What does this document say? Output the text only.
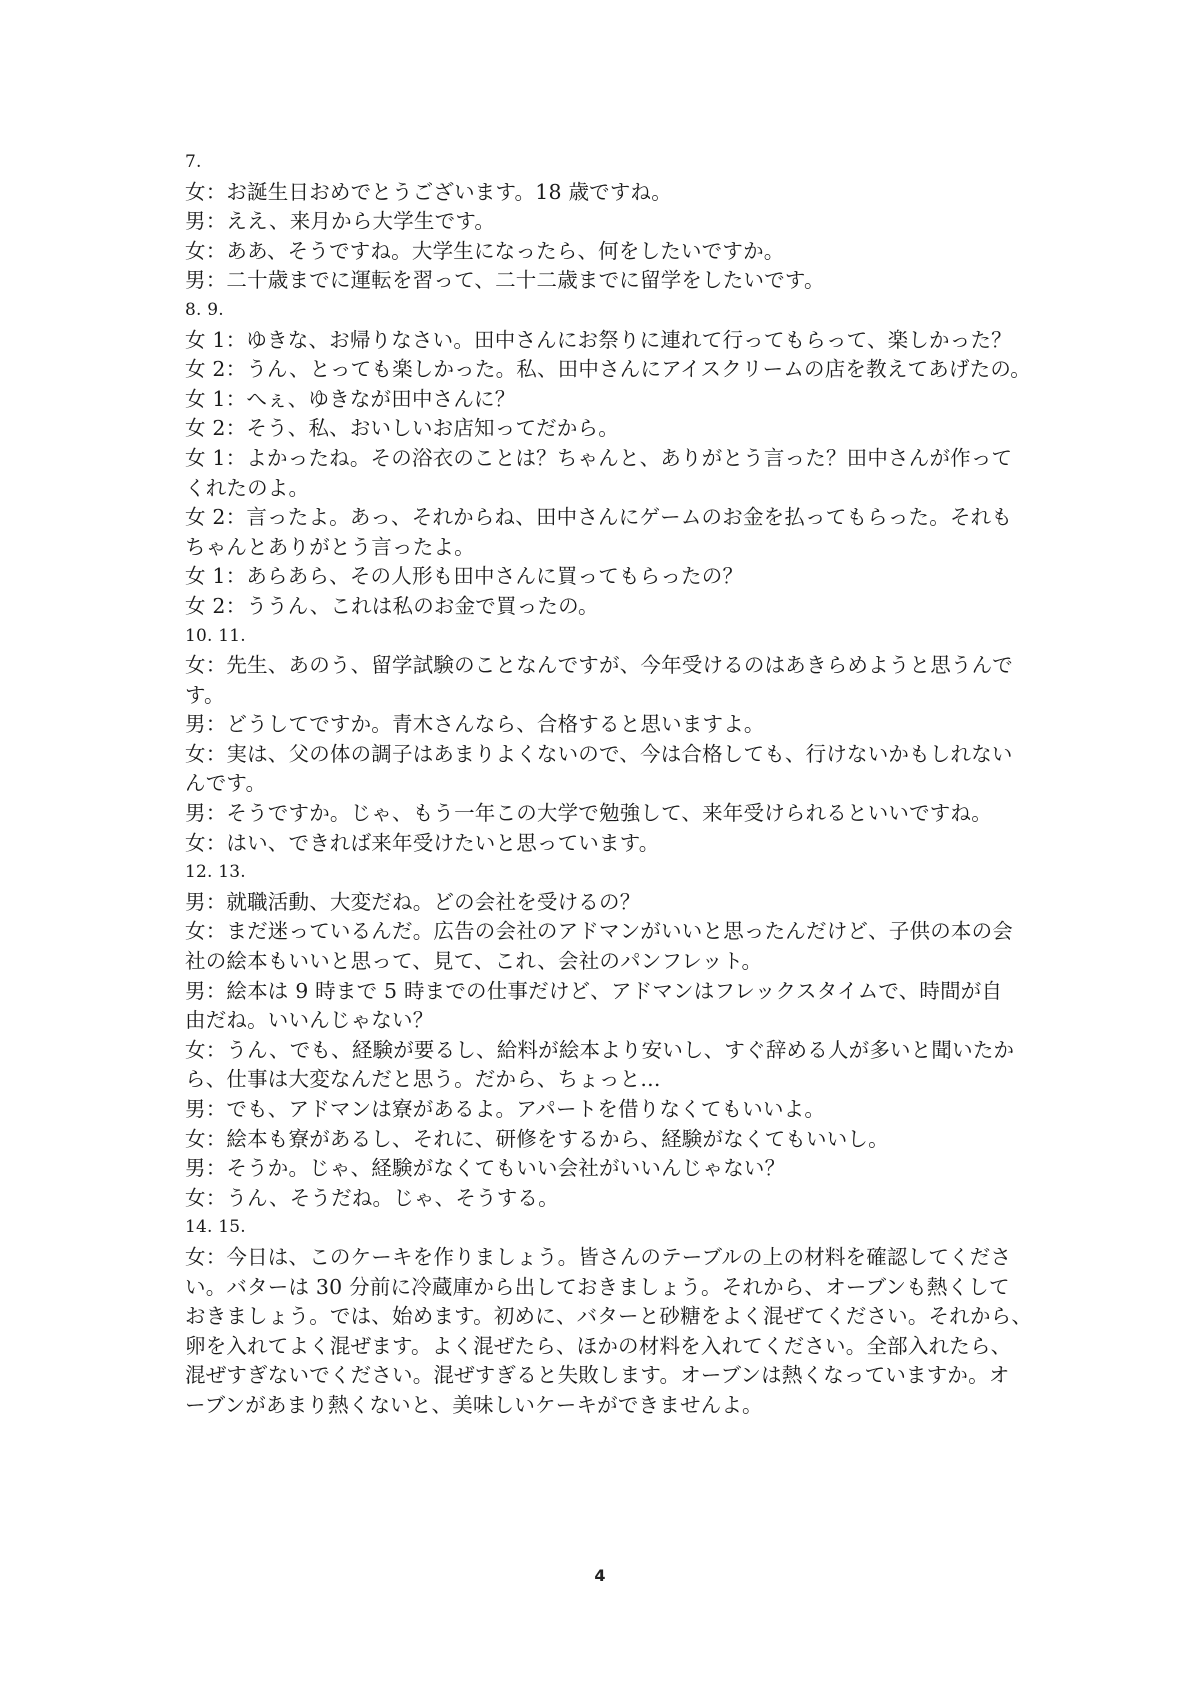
7.
女：お誕生日おめでとうございます。18 歳ですね。
男：ええ、来月から大学生です。
女：ああ、そうですね。大学生になったら、何をしたいですか。
男：二十歳までに運転を習って、二十二歳までに留学をしたいです。
8. 9.
女 1：ゆきな、お帰りなさい。田中さんにお祭りに連れて行ってもらって、楽しかった？
女 2：うん、とっても楽しかった。私、田中さんにアイスクリームの店を教えてあげたの。
女 1：へぇ、ゆきなが田中さんに？
女 2：そう、私、おいしいお店知ってだから。
女 1：よかったね。その浴衣のことは？ちゃんと、ありがとう言った？田中さんが作って
くれたのよ。
女 2：言ったよ。あっ、それからね、田中さんにゲームのお金を払ってもらった。それも
ちゃんとありがとう言ったよ。
女 1：あらあら、その人形も田中さんに買ってもらったの？
女 2：ううん、これは私のお金で買ったの。
10. 11.
女：先生、あのう、留学試験のことなんですが、今年受けるのはあきらめようと思うんで
す。
男：どうしてですか。青木さんなら、合格すると思いますよ。
女：実は、父の体の調子はあまりよくないので、今は合格しても、行けないかもしれない
んです。
男：そうですか。じゃ、もう一年この大学で勉強して、来年受けられるといいですね。
女：はい、できれば来年受けたいと思っています。
12. 13.
男：就職活動、大変だね。どの会社を受けるの？
女：まだ迷っているんだ。広告の会社のアドマンがいいと思ったんだけど、子供の本の会
社の絵本もいいと思って、見て、これ、会社のパンフレット。
男：絵本は 9 時まで 5 時までの仕事だけど、アドマンはフレックスタイムで、時間が自
由だね。いいんじゃない？
女：うん、でも、経験が要るし、給料が絵本より安いし、すぐ辞める人が多いと聞いたか
ら、仕事は大変なんだと思う。だから、ちょっと...
男：でも、アドマンは寮があるよ。アパートを借りなくてもいいよ。
女：絵本も寮があるし、それに、研修をするから、経験がなくてもいいし。
男：そうか。じゃ、経験がなくてもいい会社がいいんじゃない？
女：うん、そうだね。じゃ、そうする。
14. 15.
女：今日は、このケーキを作りましょう。皆さんのテーブルの上の材料を確認してくださ
い。バターは 30 分前に冷蔵庫から出しておきましょう。それから、オーブンも熱くして
おきましょう。では、始めます。初めに、バターと砂糖をよく混ぜてください。それから、
卵を入れてよく混ぜます。よく混ぜたら、ほかの材料を入れてください。全部入れたら、
混ぜすぎないでください。混ぜすぎると失敗します。オーブンは熱くなっていますか。オ
ーブンがあまり熱くないと、美味しいケーキができませんよ。
4
